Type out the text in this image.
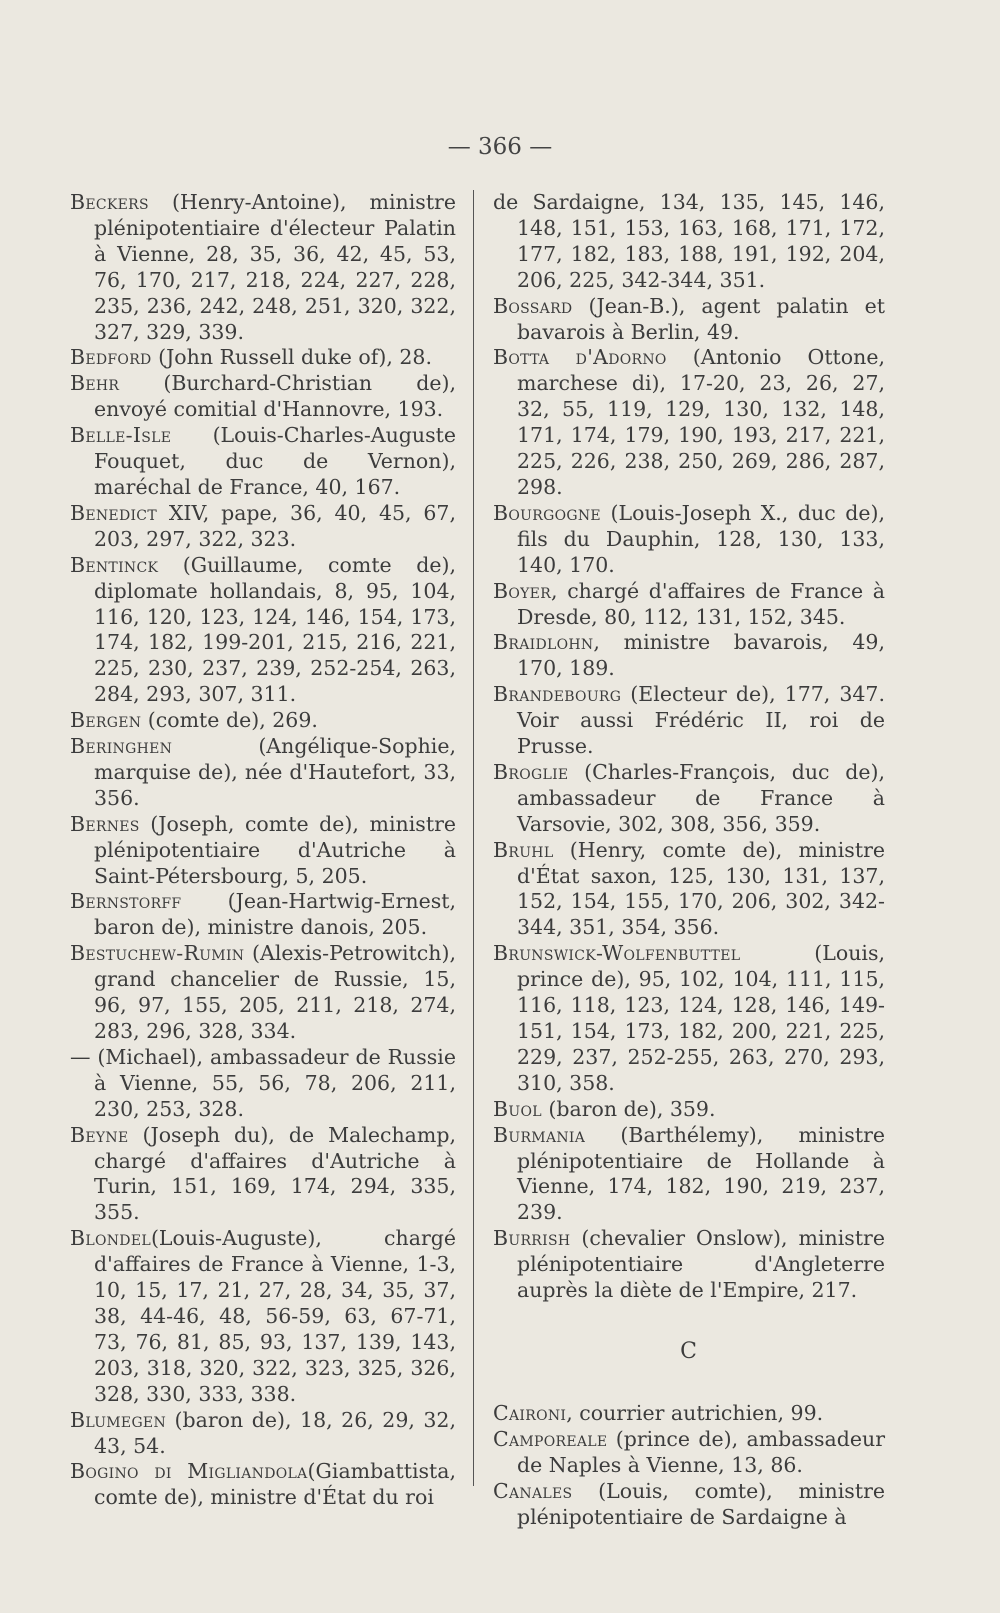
— 366 —

Beckers (Henry-Antoine), ministre plénipotentiaire d'électeur Palatin à Vienne, 28, 35, 36, 42, 45, 53, 76, 170, 217, 218, 224, 227, 228, 235, 236, 242, 248, 251, 320, 322, 327, 329, 339.

Bedford (John Russell duke of), 28.

Behr (Burchard-Christian de), envoyé comitial d'Hannovre, 193.

Belle-Isle (Louis-Charles-Auguste Fouquet, duc de Vernon), maréchal de France, 40, 167.

Benedict XIV, pape, 36, 40, 45, 67, 203, 297, 322, 323.

Bentinck (Guillaume, comte de), diplomate hollandais, 8, 95, 104, 116, 120, 123, 124, 146, 154, 173, 174, 182, 199-201, 215, 216, 221, 225, 230, 237, 239, 252-254, 263, 284, 293, 307, 311.

Bergen (comte de), 269.

Beringhen (Angélique-Sophie, marquise de), née d'Hautefort, 33, 356.

Bernes (Joseph, comte de), ministre plénipotentiaire d'Autriche à Saint-Pétersbourg, 5, 205.

Bernstorff (Jean-Hartwig-Ernest, baron de), ministre danois, 205.

Bestuchew-Rumin (Alexis-Petrowitch), grand chancelier de Russie, 15, 96, 97, 155, 205, 211, 218, 274, 283, 296, 328, 334.

— (Michael), ambassadeur de Russie à Vienne, 55, 56, 78, 206, 211, 230, 253, 328.

Beyne (Joseph du), de Malechamp, chargé d'affaires d'Autriche à Turin, 151, 169, 174, 294, 335, 355.

Blondel(Louis-Auguste), chargé d'affaires de France à Vienne, 1-3, 10, 15, 17, 21, 27, 28, 34, 35, 37, 38, 44-46, 48, 56-59, 63, 67-71, 73, 76, 81, 85, 93, 137, 139, 143, 203, 318, 320, 322, 323, 325, 326, 328, 330, 333, 338.

Blumegen (baron de), 18, 26, 29, 32, 43, 54.

Bogino di Migliandola(Giambattista, comte de), ministre d'État du roi

de Sardaigne, 134, 135, 145, 146, 148, 151, 153, 163, 168, 171, 172, 177, 182, 183, 188, 191, 192, 204, 206, 225, 342-344, 351.

Bossard (Jean-B.), agent palatin et bavarois à Berlin, 49.

Botta d'Adorno (Antonio Ottone, marchese di), 17-20, 23, 26, 27, 32, 55, 119, 129, 130, 132, 148, 171, 174, 179, 190, 193, 217, 221, 225, 226, 238, 250, 269, 286, 287, 298.

Bourgogne (Louis-Joseph X., duc de), fils du Dauphin, 128, 130, 133, 140, 170.

Boyer, chargé d'affaires de France à Dresde, 80, 112, 131, 152, 345.

Braidlohn, ministre bavarois, 49, 170, 189.

Brandebourg (Electeur de), 177, 347. Voir aussi Frédéric II, roi de Prusse.

Broglie (Charles-François, duc de), ambassadeur de France à Varsovie, 302, 308, 356, 359.

Bruhl (Henry, comte de), ministre d'État saxon, 125, 130, 131, 137, 152, 154, 155, 170, 206, 302, 342-344, 351, 354, 356.

Brunswick-Wolfenbuttel (Louis, prince de), 95, 102, 104, 111, 115, 116, 118, 123, 124, 128, 146, 149-151, 154, 173, 182, 200, 221, 225, 229, 237, 252-255, 263, 270, 293, 310, 358.

Buol (baron de), 359.

Burmania (Barthélemy), ministre plénipotentiaire de Hollande à Vienne, 174, 182, 190, 219, 237, 239.

Burrish (chevalier Onslow), ministre plénipotentiaire d'Angleterre auprès la diète de l'Empire, 217.

C

Caironi, courrier autrichien, 99.

Camporeale (prince de), ambassadeur de Naples à Vienne, 13, 86.

Canales (Louis, comte), ministre plénipotentiaire de Sardaigne à
